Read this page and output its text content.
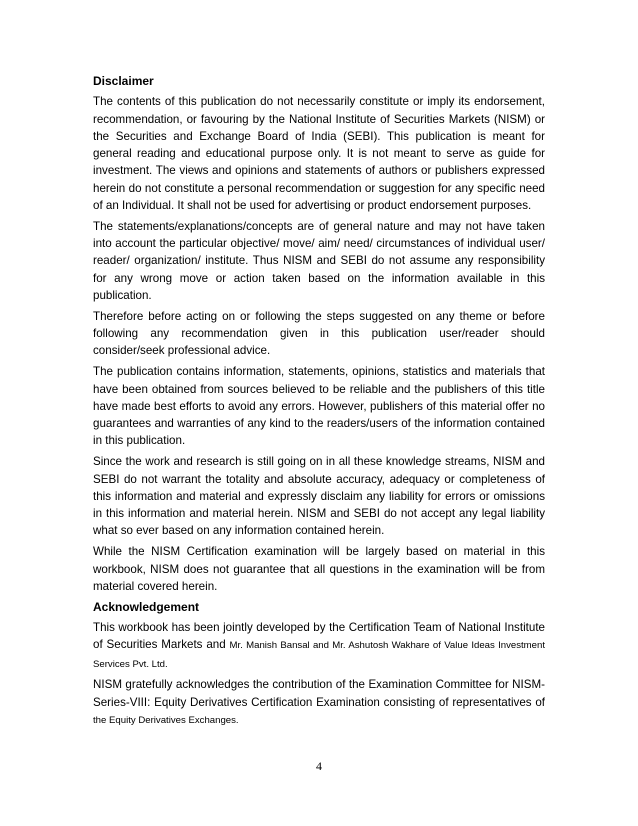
Disclaimer

The contents of this publication do not necessarily constitute or imply its endorsement, recommendation, or favouring by the National Institute of Securities Markets (NISM) or the Securities and Exchange Board of India (SEBI). This publication is meant for general reading and educational purpose only. It is not meant to serve as guide for investment. The views and opinions and statements of authors or publishers expressed herein do not constitute a personal recommendation or suggestion for any specific need of an Individual. It shall not be used for advertising or product endorsement purposes.

The statements/explanations/concepts are of general nature and may not have taken into account the particular objective/ move/ aim/ need/ circumstances of individual user/ reader/ organization/ institute. Thus NISM and SEBI do not assume any responsibility for any wrong move or action taken based on the information available in this publication.

Therefore before acting on or following the steps suggested on any theme or before following any recommendation given in this publication user/reader should consider/seek professional advice.

The publication contains information, statements, opinions, statistics and materials that have been obtained from sources believed to be reliable and the publishers of this title have made best efforts to avoid any errors. However, publishers of this material offer no guarantees and warranties of any kind to the readers/users of the information contained in this publication.

Since the work and research is still going on in all these knowledge streams, NISM and SEBI do not warrant the totality and absolute accuracy, adequacy or completeness of this information and material and expressly disclaim any liability for errors or omissions in this information and material herein. NISM and SEBI do not accept any legal liability what so ever based on any information contained herein.

While the NISM Certification examination will be largely based on material in this workbook, NISM does not guarantee that all questions in the examination will be from material covered herein.

Acknowledgement

This workbook has been jointly developed by the Certification Team of National Institute of Securities Markets and Mr. Manish Bansal and Mr. Ashutosh Wakhare of Value Ideas Investment Services Pvt. Ltd.

NISM gratefully acknowledges the contribution of the Examination Committee for NISM-Series-VIII: Equity Derivatives Certification Examination consisting of representatives of the Equity Derivatives Exchanges.

4
